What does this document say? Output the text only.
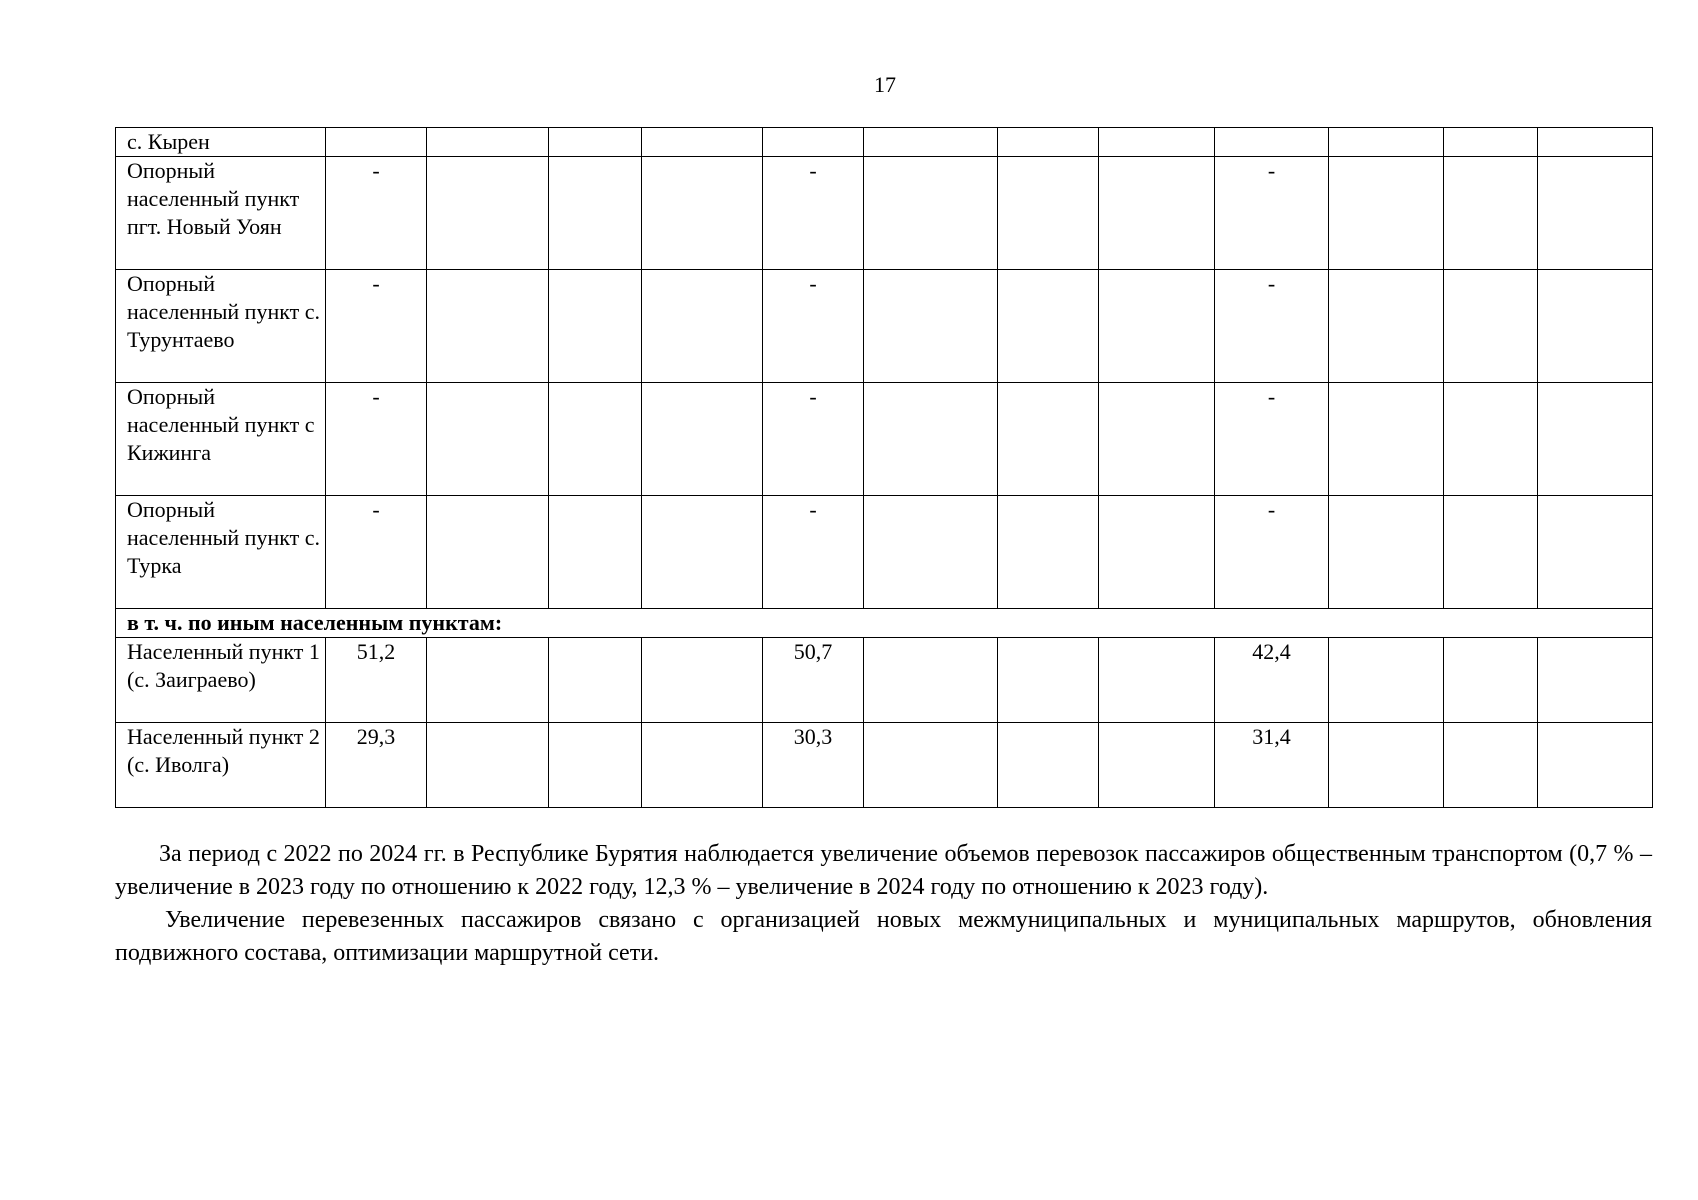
17
с. Кырен												
Опорный населенный пункт пгт. Новый Уоян	-				-				-			
Опорный населенный пункт с. Турунтаево	-				-				-			
Опорный населенный пункт с Кижинга	-				-				-			
Опорный населенный пункт с. Турка	-				-				-			
в т. ч. по иным населенным пунктам:												
Населенный пункт 1 (с. Заиграево)	51,2				50,7				42,4			
Населенный пункт 2 (с. Иволга)	29,3				30,3				31,4			

За период с 2022 по 2024 гг. в Республике Бурятия наблюдается увеличение объемов перевозок пассажиров общественным транспортом (0,7 % – увеличение в 2023 году по отношению к 2022 году, 12,3 % – увеличение в 2024 году по отношению к 2023 году).

Увеличение перевезенных пассажиров связано с организацией новых межмуниципальных и муниципальных маршрутов, обновления подвижного состава, оптимизации маршрутной сети.
